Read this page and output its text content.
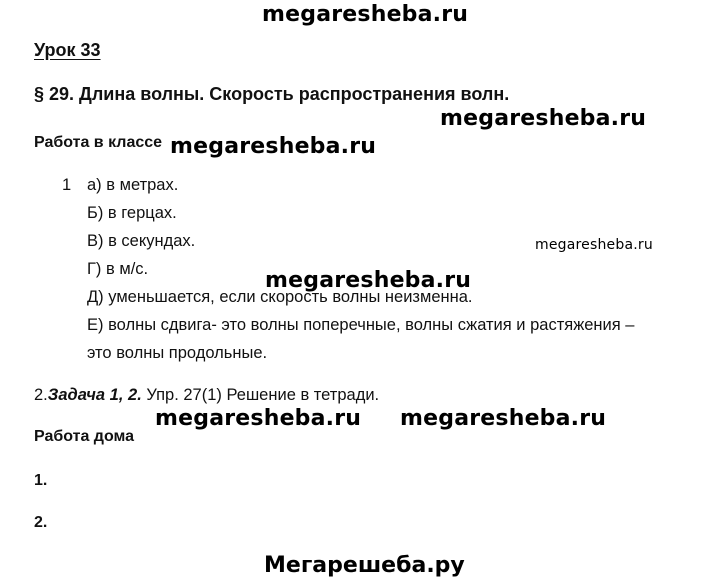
megaresheba.ru
Урок 33
§ 29. Длина волны. Скорость распространения волн.
megaresheba.ru
Работа в классе megaresheba.ru
1 а) в метрах.
Б) в герцах.
В) в секундах.	megaresheba.ru
Г) в м/с.	megaresheba.ru
Д) уменьшается, если скорость волны неизменна.
Е) волны сдвига- это волны поперечные, волны сжатия и растяжения –
это волны продольные.
2.Задача 1, 2. Упр. 27(1) Решение в тетради.
megaresheba.ru megaresheba.ru
Работа дома
1.
2.
Мегарешеба.ру
